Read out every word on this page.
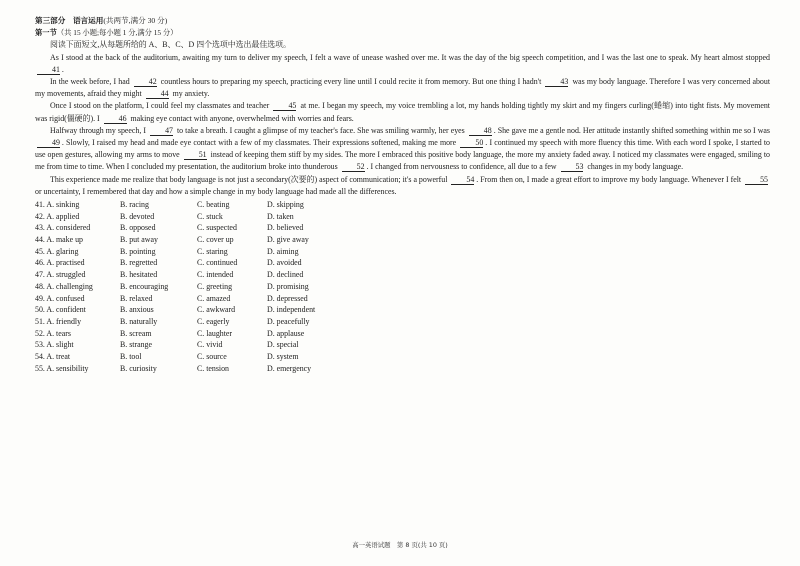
第三部分　语言运用(共两节,满分 30 分)
第一节（共 15 小题;每小题 1 分,满分 15 分）

阅读下面短文,从每题所给的 A、B、C、D 四个选项中选出最佳选项。

As I stood at the back of the auditorium, awaiting my turn to deliver my speech, I felt a wave of unease washed over me. It was the day of the big speech competition, and I was the last one to speak. My heart almost stopped 41 .

In the week before, I had 42 countless hours to preparing my speech, practicing every line until I could recite it from memory. But one thing I hadn't 43 was my body language. Therefore I was very concerned about my movements, afraid they might 44 my anxiety.

Once I stood on the platform, I could feel my classmates and teacher 45 at me. I began my speech, my voice trembling a lot, my hands holding tightly my skirt and my fingers curling(蜷缩) into tight fists. My movement was rigid(僵硬的). I 46 making eye contact with anyone, overwhelmed with worries and fears.

Halfway through my speech, I 47 to take a breath. I caught a glimpse of my teacher's face. She was smiling warmly, her eyes 48 . She gave me a gentle nod. Her attitude instantly shifted something within me so I was 49 . Slowly, I raised my head and made eye contact with a few of my classmates. Their expressions softened, making me more 50 . I continued my speech with more fluency this time. With each word I spoke, I started to use open gestures, allowing my arms to move 51 instead of keeping them stiff by my sides. The more I embraced this positive body language, the more my anxiety faded away. I noticed my classmates were engaged, smiling to me from time to time. When I concluded my presentation, the auditorium broke into thunderous 52 . I changed from nervousness to confidence, all due to a few 53 changes in my body language.

This experience made me realize that body language is not just a secondary(次要的) aspect of communication; it's a powerful 54 . From then on, I made a great effort to improve my body language. Whenever I felt 55 or uncertainty, I remembered that day and how a simple change in my body language had made all the differences.

41. A. sinking	B. racing	C. beating	D. skipping
42. A. applied	B. devoted	C. stuck	D. taken
43. A. considered	B. opposed	C. suspected	D. believed
44. A. make up	B. put away	C. cover up	D. give away
45. A. glaring	B. pointing	C. staring	D. aiming
46. A. practised	B. regretted	C. continued	D. avoided
47. A. struggled	B. hesitated	C. intended	D. declined
48. A. challenging	B. encouraging	C. greeting	D. promising
49. A. confused	B. relaxed	C. amazed	D. depressed
50. A. confident	B. anxious	C. awkward	D. independent
51. A. friendly	B. naturally	C. eagerly	D. peacefully
52. A. tears	B. scream	C. laughter	D. applause
53. A. slight	B. strange	C. vivid	D. special
54. A. treat	B. tool	C. source	D. system
55. A. sensibility	B. curiosity	C. tension	D. emergency
高一英语试题　第 8 页(共 10 页)
